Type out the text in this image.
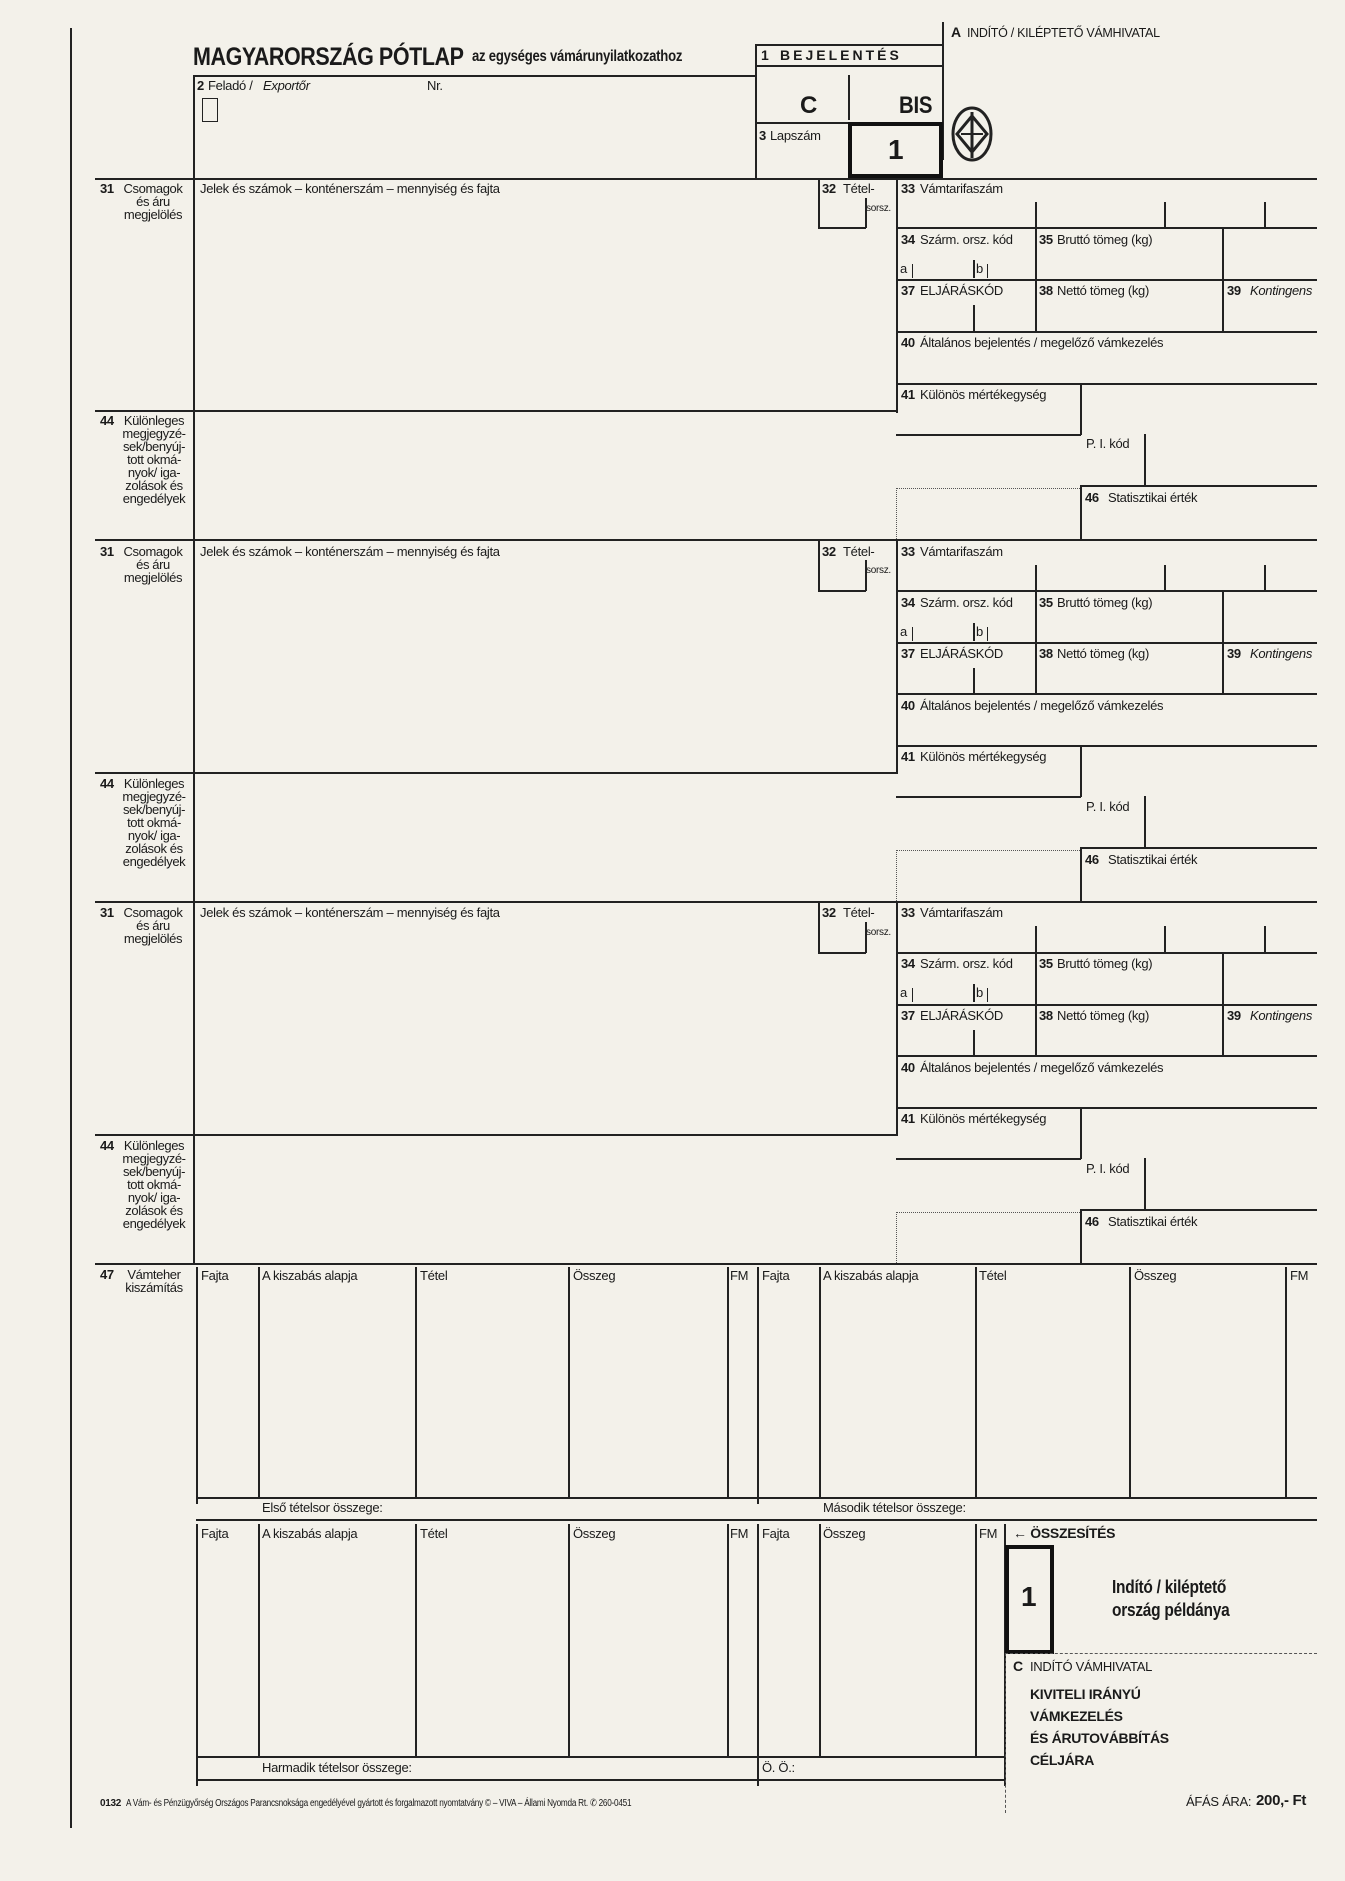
MAGYARORSZÁG PÓTLAP az egységes vámárunyilatkozathoz
A INDÍTÓ / KILÉPTETŐ VÁMHIVATAL
1 BEJELENTÉS
C	BIS
2 Feladó / Exportőr	Nr.
3 Lapszám 1
31 Csomagok
és áru
megjelölés
Jelek és számok – konténerszám – mennyiség és fajta	32 Tétel-
sorsz.
33 Vámtarifaszám
34 Szárm. orsz. kód 35 Bruttó tömeg (kg)
a	b
37 ELJÁRÁSKÓD	38 Nettó tömeg (kg)	39 Kontingens
40 Általános bejelentés / megelőző vámkezelés
41 Különös mértékegység
44 Különleges
megjegyzé-
sek/benyúj-
tott okmá-
nyok/ iga-
zolások és
engedélyek
P. I. kód
46 Statisztikai érték
31 Csomagok
és áru
megjelölés
Jelek és számok – konténerszám – mennyiség és fajta	32 Tétel-
sorsz.
33 Vámtarifaszám
34 Szárm. orsz. kód 35 Bruttó tömeg (kg)
a	b
37 ELJÁRÁSKÓD	38 Nettó tömeg (kg)	39 Kontingens
40 Általános bejelentés / megelőző vámkezelés
41 Különös mértékegység
44 Különleges
megjegyzé-
sek/benyúj-
tott okmá-
nyok/ iga-
zolások és
engedélyek
P. I. kód
46 Statisztikai érték
31 Csomagok
és áru
megjelölés
Jelek és számok – konténerszám – mennyiség és fajta	32 Tétel-
sorsz.
33 Vámtarifaszám
34 Szárm. orsz. kód 35 Bruttó tömeg (kg)
a	b
37 ELJÁRÁSKÓD	38 Nettó tömeg (kg)	39 Kontingens
40 Általános bejelentés / megelőző vámkezelés
41 Különös mértékegység
44 Különleges
megjegyzé-
sek/benyúj-
tott okmá-
nyok/ iga-
zolások és
engedélyek
P. I. kód
46 Statisztikai érték
47	Vámteher
kiszámítás
Fajta	A kiszabás alapja	Tétel	Összeg	FM Fajta	A kiszabás alapja	Tétel	Összeg	FM
Első tételsor összege:	Második tételsor összege:
Fajta	A kiszabás alapja	Tétel	Összeg	FM Fajta	Összeg	FM ← ÖSSZESÍTÉS
Harmadik tételsor összege:	Ö. Ö.:
1	Indító / kiléptető
ország példánya
C INDÍTÓ VÁMHIVATAL
KIVITELI IRÁNYÚ
VÁMKEZELÉS
ÉS ÁRUTOVÁBBÍTÁS
CÉLJÁRA
0132 A Vám- és Pénzügyőrség Országos Parancsnoksága engedélyével gyártott és forgalmazott nyomtatvány © – VIVA – Állami Nyomda Rt. ✆ 260-0451	ÁFÁS ÁRA: 200,- Ft
